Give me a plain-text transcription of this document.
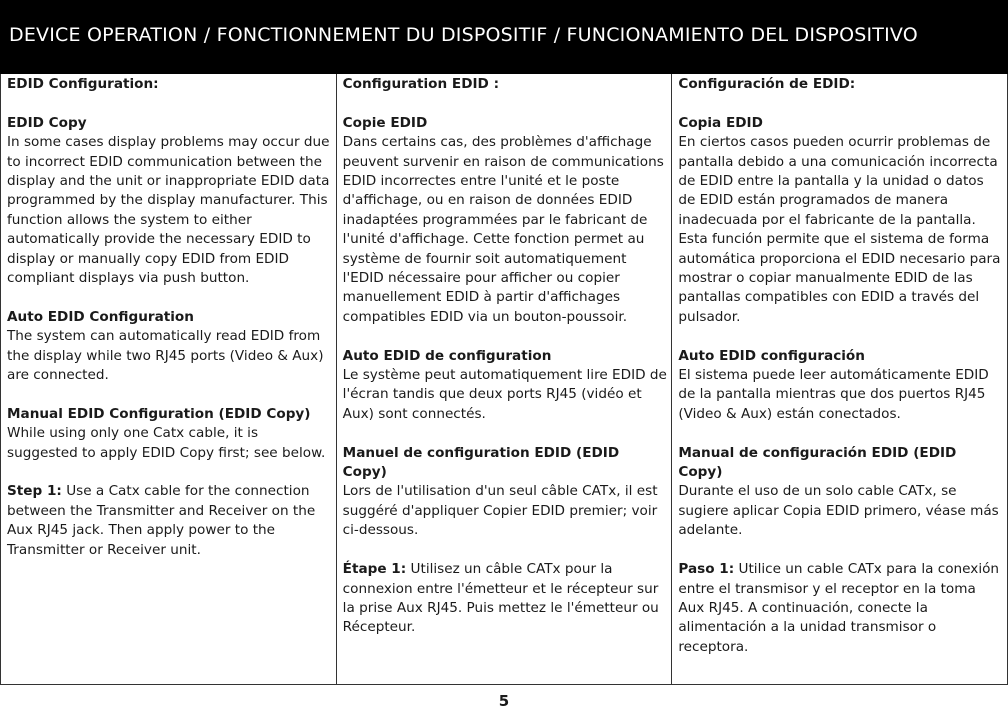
DEVICE OPERATION / FONCTIONNEMENT DU DISPOSITIF / FUNCIONAMIENTO DEL DISPOSITIVO
EDID Configuration:

EDID Copy
In some cases display problems may occur due to incorrect EDID communication between the display and the unit or inappropriate EDID data programmed by the display manufacturer. This function allows the system to either automatically provide the necessary EDID to display or manually copy EDID from EDID compliant displays via push button.

Auto EDID Configuration
The system can automatically read EDID from the display while two RJ45 ports (Video & Aux) are connected.

Manual EDID Configuration (EDID Copy)
While using only one Catx cable, it is suggested to apply EDID Copy first; see below.

Step 1: Use a Catx cable for the connection between the Transmitter and Receiver on the Aux RJ45 jack. Then apply power to the Transmitter or Receiver unit.

Configuration EDID :

Copie EDID
Dans certains cas, des problèmes d'affichage peuvent survenir en raison de communications EDID incorrectes entre l'unité et le poste d'affichage, ou en raison de données EDID inadaptées programmées par le fabricant de l'unité d'affichage. Cette fonction permet au système de fournir soit automatiquement l'EDID nécessaire pour afficher ou copier manuellement EDID à partir d'affichages compatibles EDID via un bouton-poussoir.

Auto EDID de configuration
Le système peut automatiquement lire EDID de l'écran tandis que deux ports RJ45 (vidéo et Aux) sont connectés.

Manuel de configuration EDID (EDID Copy)
Lors de l'utilisation d'un seul câble CATx, il est suggéré d'appliquer Copier EDID premier; voir ci-dessous.

Étape 1: Utilisez un câble CATx pour la connexion entre l'émetteur et le récepteur sur la prise Aux RJ45. Puis mettez le l'émetteur ou Récepteur.

Configuración de EDID:

Copia EDID
En ciertos casos pueden ocurrir problemas de pantalla debido a una comunicación incorrecta de EDID entre la pantalla y la unidad o datos de EDID están programados de manera inadecuada por el fabricante de la pantalla. Esta función permite que el sistema de forma automática proporciona el EDID necesario para mostrar o copiar manualmente EDID de las pantallas compatibles con EDID a través del pulsador.

Auto EDID configuración
El sistema puede leer automáticamente EDID de la pantalla mientras que dos puertos RJ45 (Video & Aux) están conectados.

Manual de configuración EDID (EDID Copy)
Durante el uso de un solo cable CATx, se sugiere aplicar Copia EDID primero, véase más adelante.

Paso 1: Utilice un cable CATx para la conexión entre el transmisor y el receptor en la toma Aux RJ45. A continuación, conecte la alimentación a la unidad transmisor o receptora.

5
